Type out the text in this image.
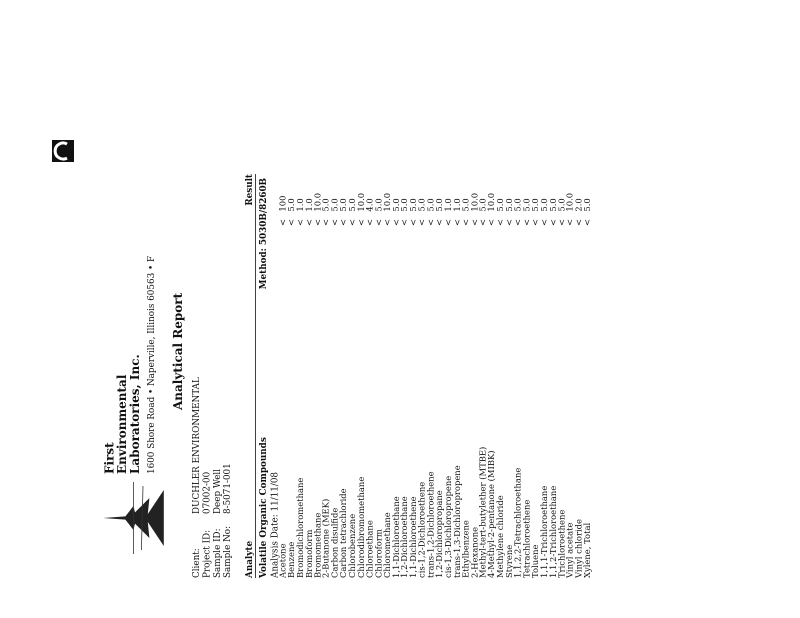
First
Environmental
Laboratories, Inc. 1600 Shore Road • Naperville, Illinois 60563 • F Analytical Report
Client:
DUCHLER ENVIRONMENTAL
Project ID:
07002-00
Sample ID:
Deep Well
Sample No:
8-5071-001
Analyte
Result
Volatile Organic Compounds
Method: 5030B/8260B
Analysis Date: 11/11/08
Acetone
<
100
Benzene
<
5.0
Bromodichloromethane
<
1.0
Bromoform
<
1.0
Bromomethane
<
10.0
2-Butanone (MEK)
<
5.0
Carbon disulfide
<
5.0
Carbon tetrachloride
<
5.0
Chlorobenzene
<
5.0
Chlorodibromomethane
<
10.0
Chloroethane
<
4.0
Chloroform
<
5.0
Chloromethane
<
10.0
1,1-Dichloroethane
<
5.0
1,2-Dichloroethane
<
5.0
1,1-Dichloroethene
<
5.0
cis-1,2-Dichloroethene
<
5.0
trans-1,2-Dichloroethene
<
5.0
1,2-Dichloropropane
<
5.0
cis-1,3-Dichloropropene
<
1.0
trans-1,3-Dichloropropene
<
1.0
Ethylbenzene
<
5.0
2-Hexanone
<
10.0
Methyl-tert-butylether (MTBE)
<
5.0
4-Methyl-2-pentanone (MIBK)
<
10.0
Methylene chloride
<
5.0
Styrene
<
5.0
1,1,2,2-Tetrachloroethane
<
5.0
Tetrachloroethene
<
5.0
Toluene
<
5.0
1,1,1-Trichloroethane
<
5.0
1,1,2-Trichloroethane
<
5.0
Trichloroethene
<
5.0
Vinyl acetate
<
10.0
Vinyl chloride
<
2.0
Xylene, Total
<
5.0
